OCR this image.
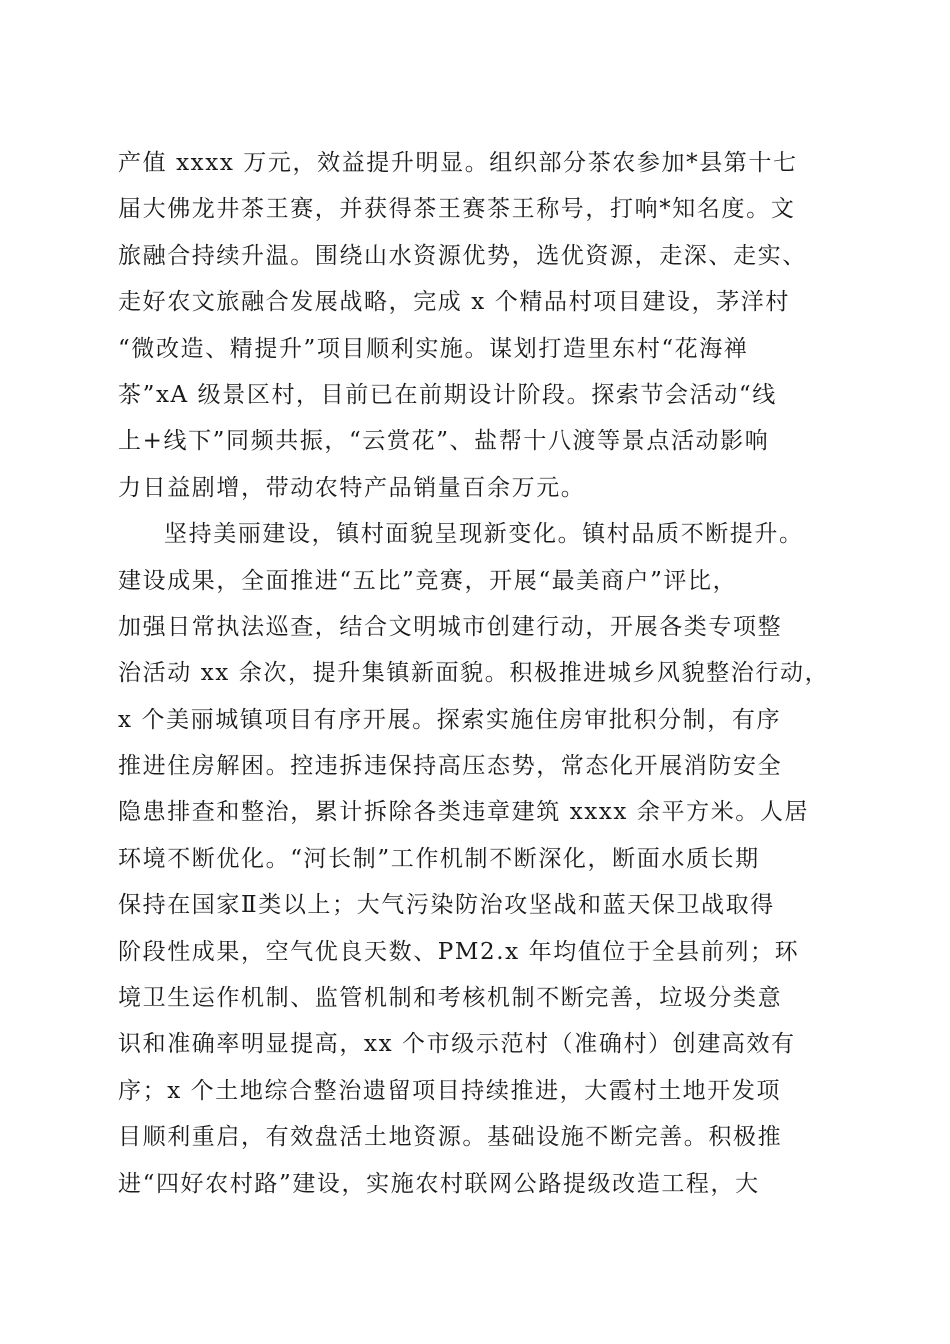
产值 xxxx 万元，效益提升明显。组织部分茶农参加*县第十七
届大佛龙井茶王赛，并获得茶王赛茶王称号，打响*知名度。文
旅融合持续升温。围绕山水资源优势，选优资源，走深、走实、
走好农文旅融合发展战略，完成 x 个精品村项目建设，茅洋村
“微改造、精提升”项目顺利实施。谋划打造里东村“花海禅
茶”xA 级景区村，目前已在前期设计阶段。探索节会活动“线
上+线下”同频共振，“云赏花”、盐帮十八渡等景点活动影响
力日益剧增，带动农特产品销量百余万元。
坚持美丽建设，镇村面貌呈现新变化。镇村品质不断提升。
建设成果，全面推进“五比”竞赛，开展“最美商户”评比，
加强日常执法巡查，结合文明城市创建行动，开展各类专项整
治活动 xx 余次，提升集镇新面貌。积极推进城乡风貌整治行动，
x 个美丽城镇项目有序开展。探索实施住房审批积分制，有序
推进住房解困。控违拆违保持高压态势，常态化开展消防安全
隐患排查和整治，累计拆除各类违章建筑 xxxx 余平方米。人居
环境不断优化。“河长制”工作机制不断深化，断面水质长期
保持在国家Ⅱ类以上；大气污染防治攻坚战和蓝天保卫战取得
阶段性成果，空气优良天数、PM2.x 年均值位于全县前列；环
境卫生运作机制、监管机制和考核机制不断完善，垃圾分类意
识和准确率明显提高，xx 个市级示范村（准确村）创建高效有
序；x 个土地综合整治遗留项目持续推进，大霞村土地开发项
目顺利重启，有效盘活土地资源。基础设施不断完善。积极推
进“四好农村路”建设，实施农村联网公路提级改造工程，大
